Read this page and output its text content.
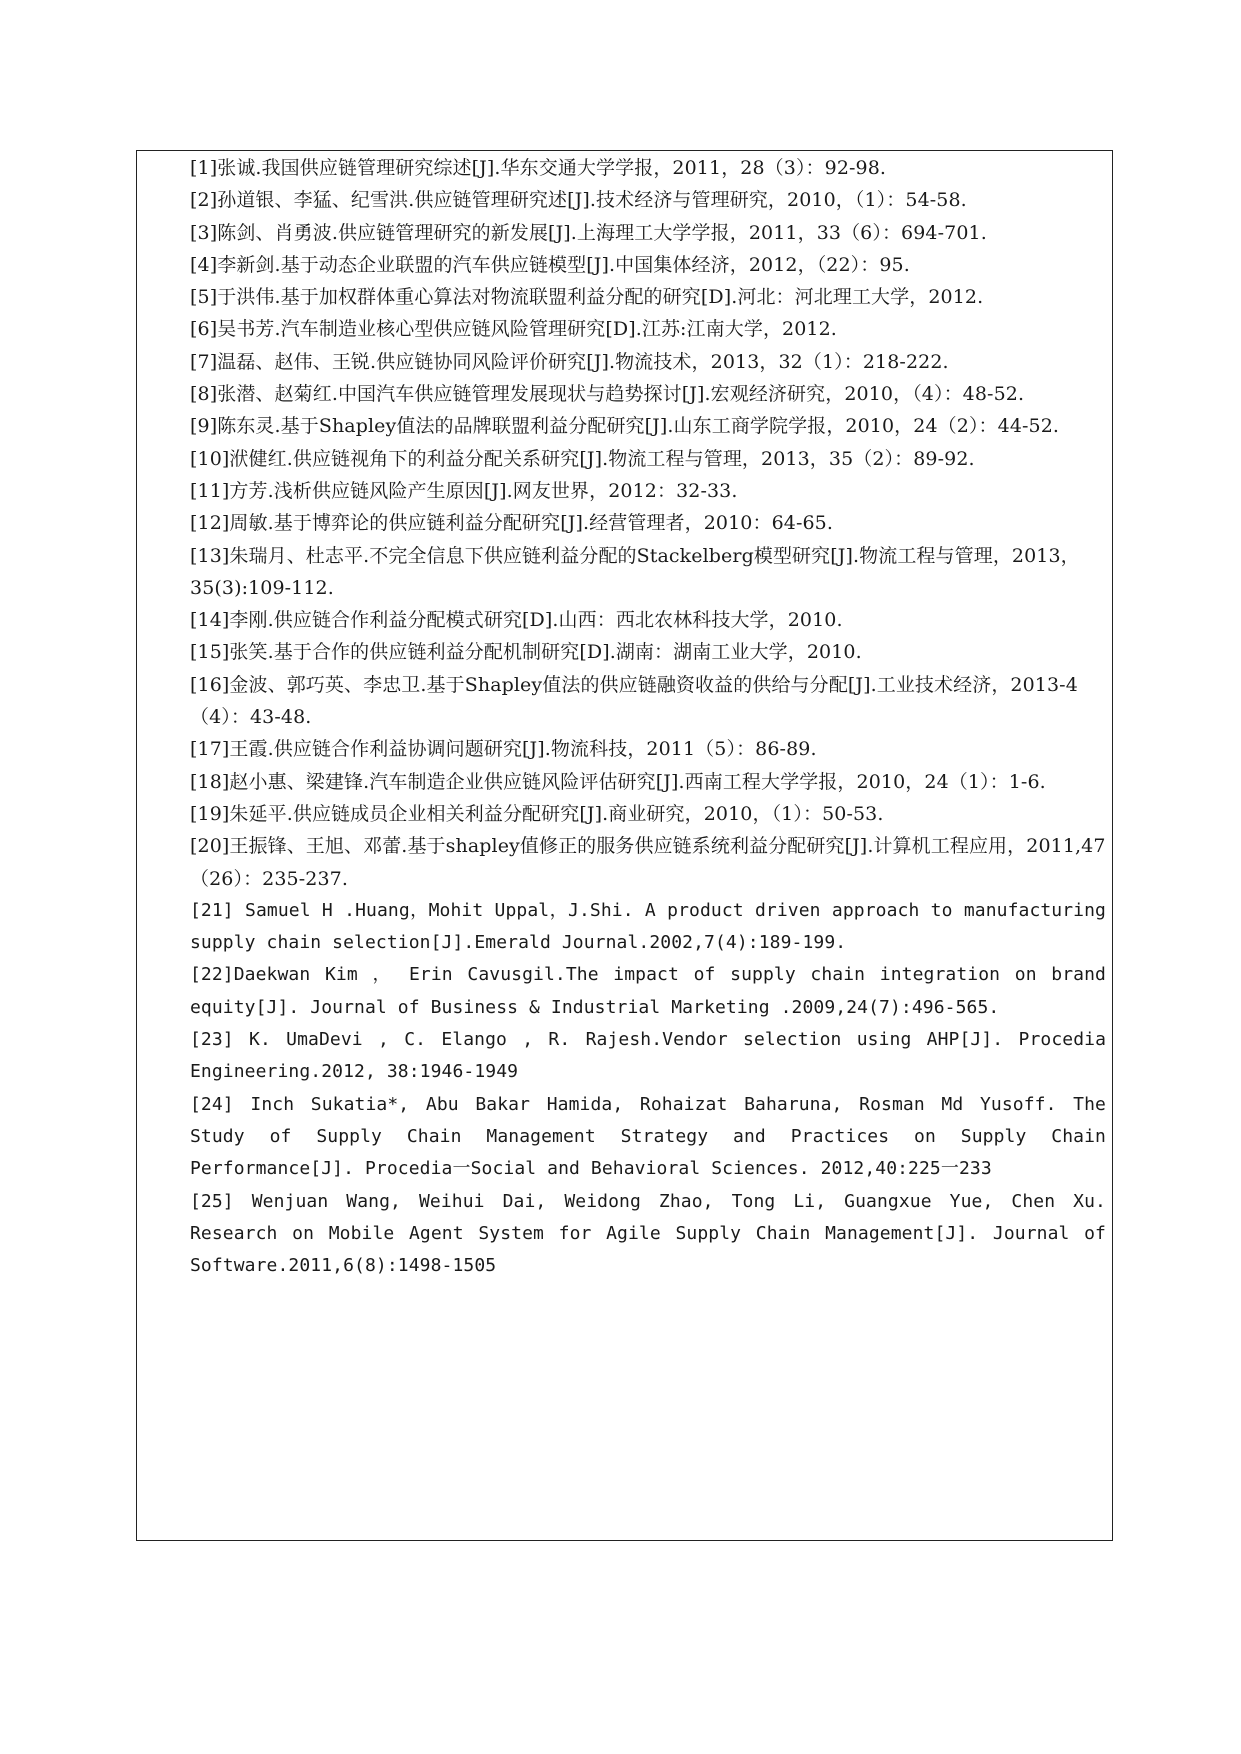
[1]张诚.我国供应链管理研究综述[J].华东交通大学学报，2011，28（3）：92-98.

[2]孙道银、李猛、纪雪洪.供应链管理研究述[J].技术经济与管理研究，2010，（1）：54-58.

[3]陈剑、肖勇波.供应链管理研究的新发展[J].上海理工大学学报，2011，33（6）：694-701.

[4]李新剑.基于动态企业联盟的汽车供应链模型[J].中国集体经济，2012，（22）：95.

[5]于洪伟.基于加权群体重心算法对物流联盟利益分配的研究[D].河北：河北理工大学，2012.

[6]吴书芳.汽车制造业核心型供应链风险管理研究[D].江苏:江南大学，2012.

[7]温磊、赵伟、王锐.供应链协同风险评价研究[J].物流技术，2013，32（1）：218-222.

[8]张潜、赵菊红.中国汽车供应链管理发展现状与趋势探讨[J].宏观经济研究，2010，（4）：48-52.

[9]陈东灵.基于Shapley值法的品牌联盟利益分配研究[J].山东工商学院学报，2010，24（2）：44-52.

[10]洑健红.供应链视角下的利益分配关系研究[J].物流工程与管理，2013，35（2）：89-92.

[11]方芳.浅析供应链风险产生原因[J].网友世界，2012：32-33.

[12]周敏.基于博弈论的供应链利益分配研究[J].经营管理者，2010：64-65.

[13]朱瑞月、杜志平.不完全信息下供应链利益分配的Stackelberg模型研究[J].物流工程与管理，2013，35(3):109-112.

[14]李刚.供应链合作利益分配模式研究[D].山西：西北农林科技大学，2010.

[15]张笑.基于合作的供应链利益分配机制研究[D].湖南：湖南工业大学，2010.

[16]金波、郭巧英、李忠卫.基于Shapley值法的供应链融资收益的供给与分配[J].工业技术经济，2013-4（4）：43-48.

[17]王霞.供应链合作利益协调问题研究[J].物流科技，2011（5）：86-89.

[18]赵小惠、梁建锋.汽车制造企业供应链风险评估研究[J].西南工程大学学报，2010，24（1）：1-6.

[19]朱延平.供应链成员企业相关利益分配研究[J].商业研究，2010，（1）：50-53.

[20]王振锋、王旭、邓蕾.基于shapley值修正的服务供应链系统利益分配研究[J].计算机工程应用，2011,47（26）：235-237.

[21] Samuel H .Huang，Mohit Uppal，J.Shi. A product driven approach to manufacturing supply chain selection[J].Emerald Journal.2002,7(4):189-199.

[22]Daekwan Kim ， Erin Cavusgil.The impact of supply chain integration on brand equity[J]. Journal of Business & Industrial Marketing .2009,24(7):496-565.

[23] K. UmaDevi , C. Elango , R. Rajesh.Vendor selection using AHP[J]. Procedia Engineering.2012, 38:1946-1949

[24] Inch Sukatia*, Abu Bakar Hamida, Rohaizat Baharuna, Rosman Md Yusoff. The Study of Supply Chain Management Strategy and Practices on Supply Chain Performance[J]. Procedia一Social and Behavioral Sciences. 2012,40:225一233

[25] Wenjuan Wang, Weihui Dai, Weidong Zhao, Tong Li, Guangxue Yue, Chen Xu. Research on Mobile Agent System for Agile Supply Chain Management[J]. Journal of Software.2011,6(8):1498-1505
